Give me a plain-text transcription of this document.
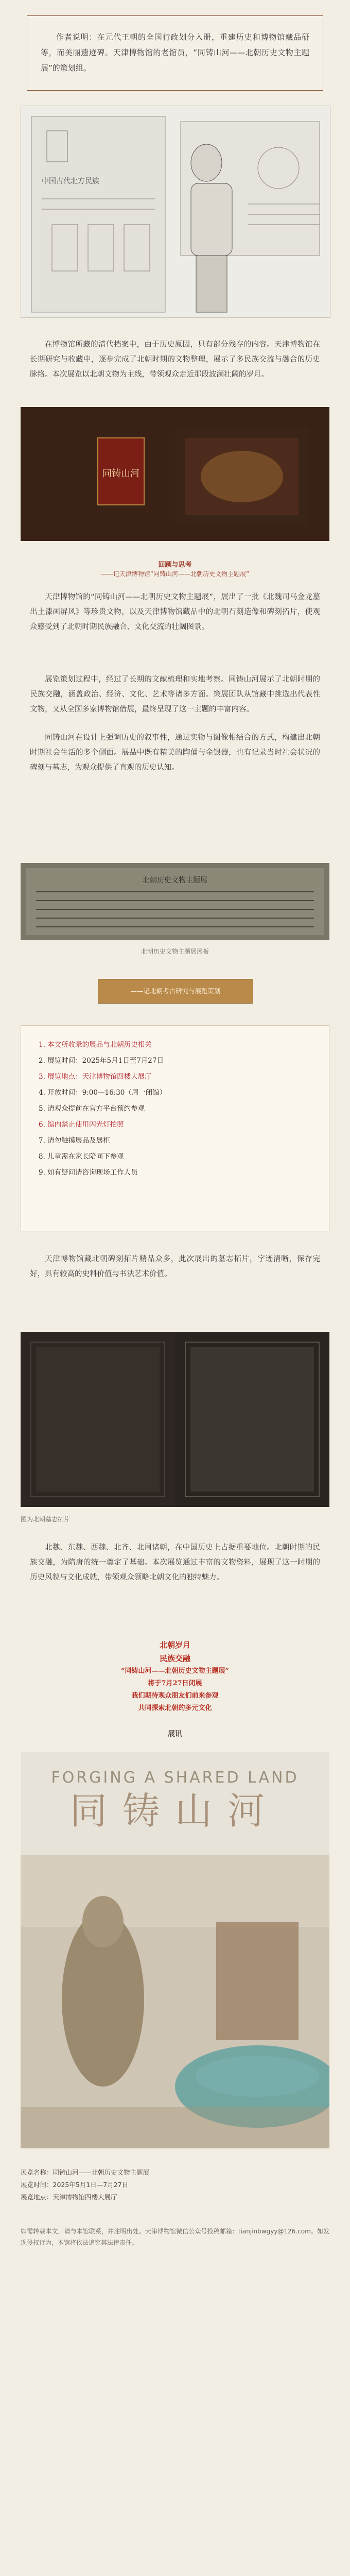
作者说明：在元代王朝的全国行政划分入册，重建历史和博物馆藏品研等，而美丽遗迹碑。天津博物馆的老馆员，“同铸山河——北朝历史文物主题展”的策划组。

中国古代北方民族

在博物馆所藏的清代档案中，由于历史原因，只有部分残存的内容。天津博物馆在长期研究与收藏中，逐步完成了北朝时期的文物整理，展示了多民族交流与融合的历史脉络。本次展览以北朝文物为主线，带领观众走近那段波澜壮阔的岁月。

同铸山河
回顾与思考
——记天津博物馆“同铸山河——北朝历史文物主题展”

天津博物馆的“同铸山河——北朝历史文物主题展”，展出了一批《北魏司马金龙墓出土漆画屏风》等珍贵文物，以及天津博物馆藏品中的北朝石刻造像和碑刻拓片，使观众感受到了北朝时期民族融合、文化交流的壮阔图景。

展览策划过程中，经过了长期的文献梳理和实地考察。同铸山河展示了北朝时期的民族交融，涵盖政治、经济、文化、艺术等诸多方面。策展团队从馆藏中挑选出代表性文物，又从全国多家博物馆借展，最终呈现了这一主题的丰富内容。

同铸山河在设计上强调历史的叙事性，通过实物与图像相结合的方式，构建出北朝时期社会生活的多个侧面。展品中既有精美的陶俑与金银器，也有记录当时社会状况的碑刻与墓志，为观众提供了直观的历史认知。

北朝历史文物主题展
北朝历史文物主题展展板
——记北朝考古研究与展览策划

1. 本文所收录的展品与北朝历史相关

2. 展览时间：2025年5月1日至7月27日

3. 展览地点：天津博物馆四楼大展厅

4. 开放时间：9:00—16:30（周一闭馆）

5. 请观众提前在官方平台预约参观

6. 馆内禁止使用闪光灯拍照

7. 请勿触摸展品及展柜

8. 儿童需在家长陪同下参观

9. 如有疑问请咨询现场工作人员

天津博物馆藏北朝碑刻拓片精品众多，此次展出的墓志拓片，字迹清晰，保存完好，具有较高的史料价值与书法艺术价值。

图为北朝墓志拓片

北魏、东魏、西魏、北齐、北周诸朝，在中国历史上占据重要地位。北朝时期的民族交融，为隋唐的统一奠定了基础。本次展览通过丰富的文物资料，展现了这一时期的历史风貌与文化成就，带领观众领略北朝文化的独特魅力。

北朝岁月
民族交融
“同铸山河——北朝历史文物主题展”
将于7月27日闭展
我们期待观众朋友们前来参观
共同探索北朝的多元文化
展讯
FORGING A SHARED LAND
同铸山河

展览名称：同铸山河——北朝历史文物主题展

展览时间：2025年5月1日—7月27日

展览地点：天津博物馆四楼大展厅

如需转载本文，请与本馆联系，并注明出处。天津博物馆微信公众号投稿邮箱：tianjinbwgyy@126.com。如发现侵权行为，本馆将依法追究其法律责任。
